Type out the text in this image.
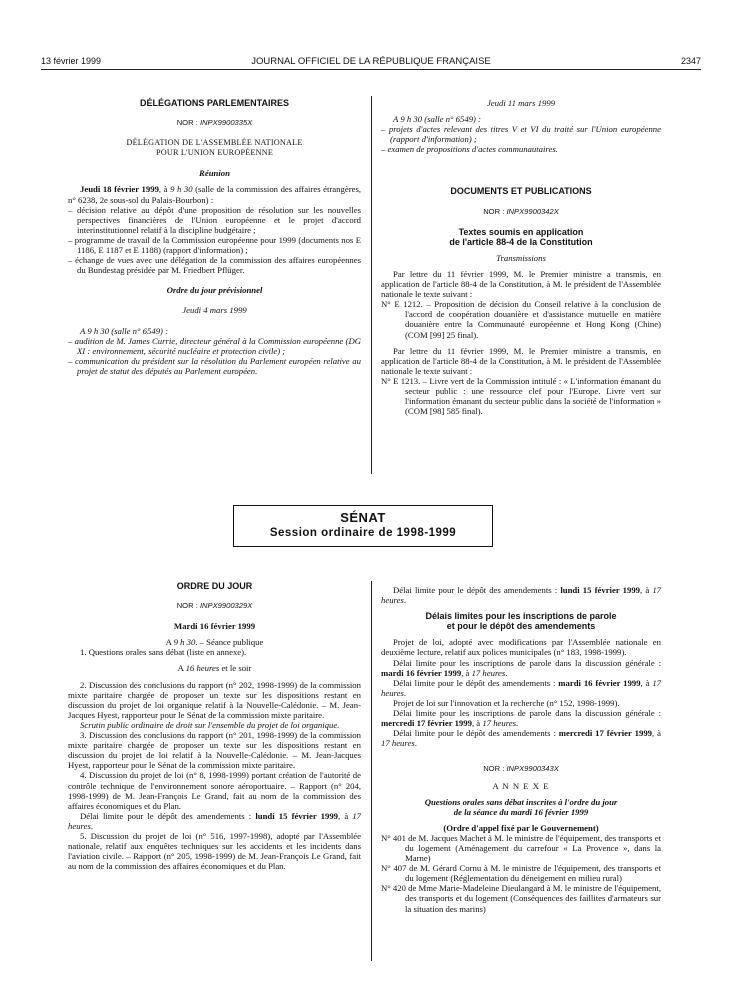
13 février 1999	JOURNAL OFFICIEL DE LA RÉPUBLIQUE FRANÇAISE	2347
DÉLÉGATIONS PARLEMENTAIRES
NOR : INPX9900335X
DÉLÉGATION DE L'ASSEMBLÉE NATIONALE
POUR L'UNION EUROPÉENNE
Réunion

Jeudi 18 février 1999, à 9 h 30 (salle de la commission des affaires étrangères, n° 6238, 2e sous-sol du Palais-Bourbon) :

– décision relative au dépôt d'une proposition de résolution sur les nouvelles perspectives financières de l'Union européenne et le projet d'accord interinstitutionnel relatif à la discipline budgétaire ;

– programme de travail de la Commission européenne pour 1999 (documents nos E 1186, E 1187 et E 1188) (rapport d'information) ;

– échange de vues avec une délégation de la commission des affaires européennes du Bundestag présidée par M. Friedbert Pflüger.

Ordre du jour prévisionnel
Jeudi 4 mars 1999

A 9 h 30 (salle n° 6549) :

– audition de M. James Currie, directeur général à la Commission européenne (DG XI : environnement, sécurité nucléaire et protection civile) ;

– communication du président sur la résolution du Parlement européen relative au projet de statut des députés au Parlement européen.

Jeudi 11 mars 1999

A 9 h 30 (salle n° 6549) :

– projets d'actes relevant des titres V et VI du traité sur l'Union européenne (rapport d'information) ;

– examen de propositions d'actes communautaires.

DOCUMENTS ET PUBLICATIONS
NOR : INPX9900342X
Textes soumis en application
de l'article 88-4 de la Constitution
Transmissions

Par lettre du 11 février 1999, M. le Premier ministre a transmis, en application de l'article 88-4 de la Constitution, à M. le président de l'Assemblée nationale le texte suivant :

N° E 1212. – Proposition de décision du Conseil relative à la conclusion de l'accord de coopération douanière et d'assistance mutuelle en matière douanière entre la Communauté européenne et Hong Kong (Chine) (COM [99] 25 final).

Par lettre du 11 février 1999, M. le Premier ministre a transmis, en application de l'article 88-4 de la Constitution, à M. le président de l'Assemblée nationale le texte suivant :

N° E 1213. – Livre vert de la Commission intitulé : « L'information émanant du secteur public : une ressource clef pour l'Europe. Livre vert sur l'information émanant du secteur public dans la société de l'information » (COM [98] 585 final).

SÉNAT
Session ordinaire de 1998-1999
ORDRE DU JOUR
NOR : INPX9900329X
Mardi 16 février 1999
A 9 h 30. – Séance publique

1. Questions orales sans débat (liste en annexe).

A 16 heures et le soir

2. Discussion des conclusions du rapport (n° 202, 1998-1999) de la commission mixte paritaire chargée de proposer un texte sur les dispositions restant en discussion du projet de loi organique relatif à la Nouvelle-Calédonie. – M. Jean-Jacques Hyest, rapporteur pour le Sénat de la commission mixte paritaire.

Scrutin public ordinaire de droit sur l'ensemble du projet de loi organique.

3. Discussion des conclusions du rapport (n° 201, 1998-1999) de la commission mixte paritaire chargée de proposer un texte sur les dispositions restant en discussion du projet de loi relatif à la Nouvelle-Calédonie. – M. Jean-Jacques Hyest, rapporteur pour le Sénat de la commission mixte paritaire.

4. Discussion du projet de loi (n° 8, 1998-1999) portant création de l'autorité de contrôle technique de l'environnement sonore aéroportuaire. – Rapport (n° 204, 1998-1999) de M. Jean-François Le Grand, fait au nom de la commission des affaires économiques et du Plan.

Délai limite pour le dépôt des amendements : lundi 15 février 1999, à 17 heures.

5. Discussion du projet de loi (n° 516, 1997-1998), adopté par l'Assemblée nationale, relatif aux enquêtes techniques sur les accidents et les incidents dans l'aviation civile. – Rapport (n° 205, 1998-1999) de M. Jean-François Le Grand, fait au nom de la commission des affaires économiques et du Plan.

Délai limite pour le dépôt des amendements : lundi 15 février 1999, à 17 heures.

Délais limites pour les inscriptions de parole
et pour le dépôt des amendements

Projet de loi, adopté avec modifications par l'Assemblée nationale en deuxième lecture, relatif aux polices municipales (n° 183, 1998-1999).

Délai limite pour les inscriptions de parole dans la discussion générale : mardi 16 février 1999, à 17 heures.

Délai limite pour le dépôt des amendements : mardi 16 février 1999, à 17 heures.

Projet de loi sur l'innovation et la recherche (n° 152, 1998-1999).

Délai limite pour les inscriptions de parole dans la discussion générale : mercredi 17 février 1999, à 17 heures.

Délai limite pour le dépôt des amendements : mercredi 17 février 1999, à 17 heures.

NOR : INPX9900343X
A N N E X E
Questions orales sans débat inscrites à l'ordre du jour
de la séance du mardi 16 février 1999
(Ordre d'appel fixé par le Gouvernement)

N° 401 de M. Jacques Machet à M. le ministre de l'équipement, des transports et du logement (Aménagement du carrefour « La Provence », dans la Marne)

N° 407 de M. Gérard Cornu à M. le ministre de l'équipement, des transports et du logement (Réglementation du déneigement en milieu rural)

N° 420 de Mme Marie-Madeleine Dieulangard à M. le ministre de l'équipement, des transports et du logement (Conséquences des faillites d'armateurs sur la situation des marins)
